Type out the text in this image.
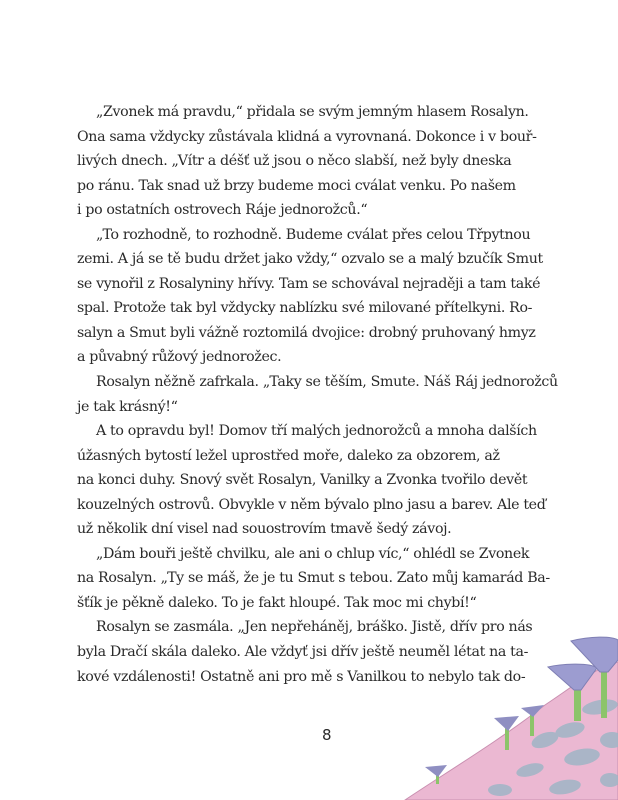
„Zvonek má pravdu,“ přidala se svým jemným hlasem Rosalyn.
Ona sama vždycky zůstávala klidná a vyrovnaná. Dokonce i v bouř-
livých dnech. „Vítr a déšť už jsou o něco slabší, než byly dneska
po ránu. Tak snad už brzy budeme moci cválat venku. Po našem
i po ostatních ostrovech Ráje jednorožců.“
„To rozhodně, to rozhodně. Budeme cválat přes celou Třpytnou
zemi. A já se tě budu držet jako vždy,“ ozvalo se a malý bzučík Smut
se vynořil z Rosalyniny hřívy. Tam se schovával nejraději a tam také
spal. Protože tak byl vždycky nablízku své milované přítelkyni. Ro-
salyn a Smut byli vážně roztomilá dvojice: drobný pruhovaný hmyz
a půvabný růžový jednorožec.
Rosalyn něžně zafrkala. „Taky se těším, Smute. Náš Ráj jednorožců
je tak krásný!“
A to opravdu byl! Domov tří malých jednorožců a mnoha dalších
úžasných bytostí ležel uprostřed moře, daleko za obzorem, až
na konci duhy. Snový svět Rosalyn, Vanilky a Zvonka tvořilo devět
kouzelných ostrovů. Obvykle v něm bývalo plno jasu a barev. Ale teď
už několik dní visel nad souostrovím tmavě šedý závoj.
„Dám bouři ještě chvilku, ale ani o chlup víc,“ ohlédl se Zvonek
na Rosalyn. „Ty se máš, že je tu Smut s tebou. Zato můj kamarád Ba-
šťík je pěkně daleko. To je fakt hloupé. Tak moc mi chybí!“
Rosalyn se zasmála. „Jen nepřeháněj, bráško. Jistě, dřív pro nás
byla Dračí skála daleko. Ale vždyť jsi dřív ještě neuměl létat na ta-
kové vzdálenosti! Ostatně ani pro mě s Vanilkou to nebylo tak do-
8
